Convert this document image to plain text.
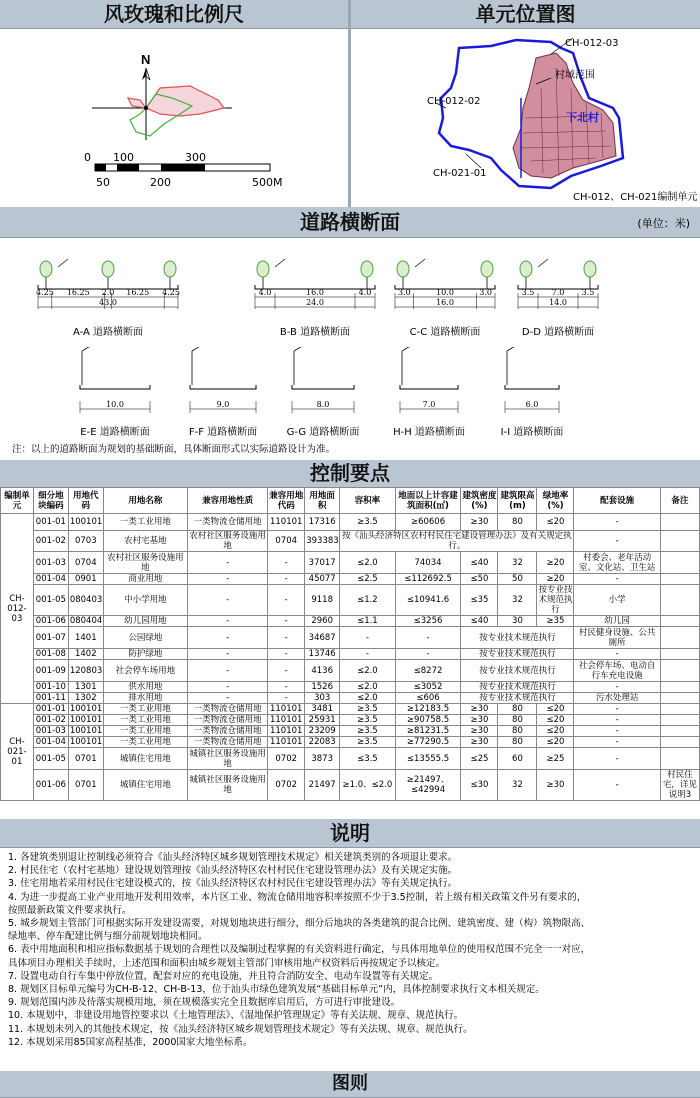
风玫瑰和比例尺	单元位置图
N
0 100	300
50	200	500M
CH-012-03
CH-012-02
村域范围
下北村
CH-021-01
CH-012、CH-021编制单元
道路横断面	(单位：米)
4.25 16.25 2.0 16.25 4.25
43.0
A-A 道路横断面
4.0	16.0	4.0
24.0
B-B 道路横断面
3.0	10.0	3.0
16.0
C-C 道路横断面
3.5 7.0 3.5
14.0
D-D 道路横断面
10.0
E-E 道路横断面
9.0
F-F 道路横断面
8.0
G-G 道路横断面
7.0
H-H 道路横断面
6.0
I-I 道路横断面
注：以上的道路断面为规划的基础断面，具体断面形式以实际道路设计为准。
控制要点
编制单元	细分地块编码	用地代码	用地名称	兼容用地性质	兼容用地代码	用地面积	容积率	地面以上计容建筑面积(㎡)	建筑密度(%)	建筑限高(m)	绿地率(%)	配套设施	备注
CH-012-03	001-01	100101	一类工业用地	一类物流仓储用地	110101	17316	≥3.5	≥60606	≥30	80	≤20	-	
	001-02	0703	农村宅基地	农村社区服务设施用地	0704	393383	按《汕头经济特区农村村民住宅建设管理办法》及有关规定执行。					-	
	001-03	0704	农村社区服务设施用地	-	-	37017	≤2.0	74034	≤40	32	≥20	村委会、老年活动室、文化站、卫生站	
	001-04	0901	商业用地	-	-	45077	≤2.5	≤112692.5	≤50	50	≥20	-	
	001-05	080403	中小学用地	-	-	9118	≤1.2	≤10941.6	≤35	32	按专业技术规范执行	小学	
	001-06	080404	幼儿园用地	-	-	2960	≤1.1	≤3256	≤40	30	≥35	幼儿园	
	001-07	1401	公园绿地	-	-	34687	-	-	按专业技术规范执行			村民健身设施、公共厕所	
	001-08	1402	防护绿地	-	-	13746	-	-	按专业技术规范执行			-	
	001-09	120803	社会停车场用地	-	-	4136	≤2.0	≤8272	按专业技术规范执行			社会停车场、电动自行车充电设施	
	001-10	1301	供水用地	-	-	1526	≤2.0	≤3052	按专业技术规范执行			-	
	001-11	1302	排水用地	-	-	303	≤2.0	≤606	按专业技术规范执行			污水处理站	
CH-021-01	001-01	100101	一类工业用地	一类物流仓储用地	110101	3481	≥3.5	≥12183.5	≥30	80	≤20	-	
	001-02	100101	一类工业用地	一类物流仓储用地	110101	25931	≥3.5	≥90758.5	≥30	80	≤20	-	
	001-03	100101	一类工业用地	一类物流仓储用地	110101	23209	≥3.5	≥81231.5	≥30	80	≤20	-	
	001-04	100101	一类工业用地	一类物流仓储用地	110101	22083	≥3.5	≥77290.5	≥30	80	≤20	-	
	001-05	0701	城镇住宅用地	城镇社区服务设施用地	0702	3873	≤3.5	≤13555.5	≤25	60	≥25	-	
	001-06	0701	城镇住宅用地	城镇社区服务设施用地	0702	21497	≥1.0、≤2.0	≥21497、≤42994	≤30	32	≥30	-	村民住宅，详见说明3
说明
1. 各建筑类别退让控制线必须符合《汕头经济特区城乡规划管理技术规定》相关建筑类别的各项退让要求。
2. 村民住宅（农村宅基地）建设规划管理按《汕头经济特区农村村民住宅建设管理办法》及有关规定实施。
3. 住宅用地若采用村民住宅建设模式的，按《汕头经济特区农村村民住宅建设管理办法》等有关规定执行。
4. 为进一步提高工业产业用地开发利用效率，本片区工业、物流仓储用地容积率按照不少于3.5控制，若上级有相关政策文件另有要求的，
按照最新政策文件要求执行。
5. 城乡规划主管部门可根据实际开发建设需要，对规划地块进行细分，细分后地块的各类建筑的混合比例、建筑密度、建（构）筑物限高、
绿地率、停车配建比例与细分前规划地块相同。
6. 表中用地面积和相应指标数据基于规划的合理性以及编制过程掌握的有关资料进行确定，与具体用地单位的使用权范围不完全一一对应，
具体项目办理相关手续时，上述范围和面积由城乡规划主管部门审核用地产权资料后再按规定予以核定。
7. 设置电动自行车集中停放位置，配套对应的充电设施，并且符合消防安全、电动车设置等有关规定。
8. 规划区目标单元编号为CH-B-12、CH-B-13，位于汕头市绿色建筑发展“基础目标单元”内，具体控制要求执行文本相关规定。
9. 规划范围内涉及待落实规模用地，须在规模落实完全且数据库启用后，方可进行审批建设。
10. 本规划中，非建设用地管控要求以《土地管理法》、《湿地保护管理规定》等有关法规、规章、规范执行。
11. 本规划未列入的其他技术规定，按《汕头经济特区城乡规划管理技术规定》等有关法规、规章、规范执行。
12. 本规划采用85国家高程基准，2000国家大地坐标系。
图则
